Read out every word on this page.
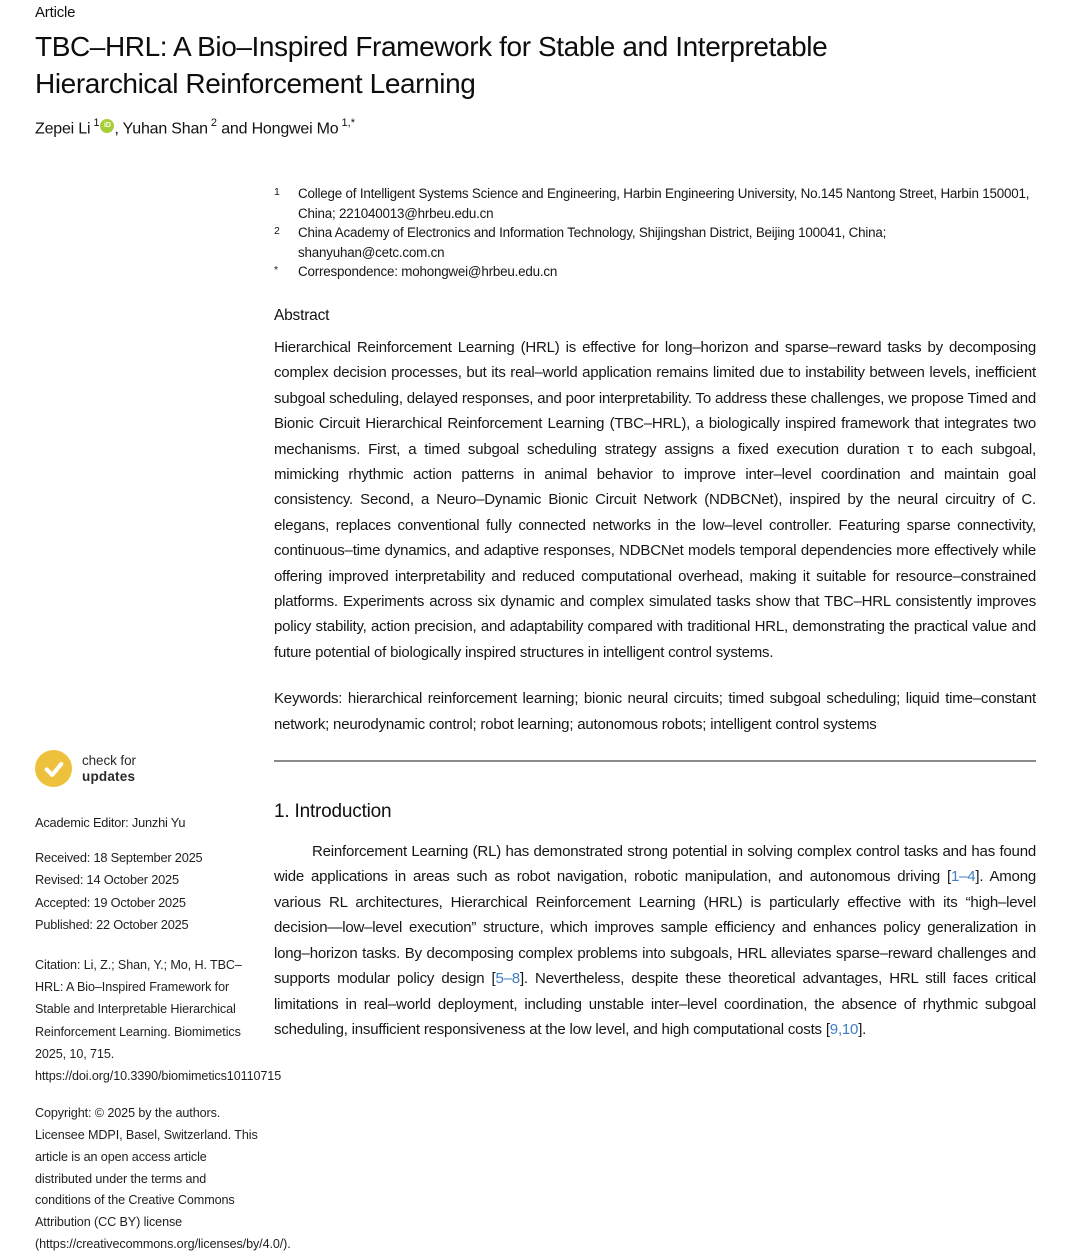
Article
TBC–HRL: A Bio–Inspired Framework for Stable and Interpretable Hierarchical Reinforcement Learning
Zepei Li $^1$ iD , Yuhan Shan $^2$ and Hongwei Mo $^{1,*}$
check for
updates

Academic Editor: Junzhi Yu

Received: 18 September 2025
Revised: 14 October 2025
Accepted: 19 October 2025
Published: 22 October 2025

Citation: Li, Z.; Shan, Y.; Mo, H. TBC–HRL: A Bio–Inspired Framework for Stable and Interpretable Hierarchical Reinforcement Learning. Biomimetics 2025, 10, 715. https://doi.org/10.3390/biomimetics10110715

Copyright: © 2025 by the authors. Licensee MDPI, Basel, Switzerland. This article is an open access article distributed under the terms and conditions of the Creative Commons Attribution (CC BY) license (https://creativecommons.org/licenses/by/4.0/).

1	College of Intelligent Systems Science and Engineering, Harbin Engineering University, No.145 Nantong Street, Harbin 150001, China; 221040013@hrbeu.edu.cn
2	China Academy of Electronics and Information Technology, Shijingshan District, Beijing 100041, China; shanyuhan@cetc.com.cn
*	Correspondence: mohongwei@hrbeu.edu.cn
Abstract

Hierarchical Reinforcement Learning (HRL) is effective for long–horizon and sparse–reward tasks by decomposing complex decision processes, but its real–world application remains limited due to instability between levels, inefficient subgoal scheduling, delayed responses, and poor interpretability. To address these challenges, we propose Timed and Bionic Circuit Hierarchical Reinforcement Learning (TBC–HRL), a biologically inspired framework that integrates two mechanisms. First, a timed subgoal scheduling strategy assigns a fixed execution duration τ to each subgoal, mimicking rhythmic action patterns in animal behavior to improve inter–level coordination and maintain goal consistency. Second, a Neuro–Dynamic Bionic Circuit Network (NDBCNet), inspired by the neural circuitry of C. elegans, replaces conventional fully connected networks in the low–level controller. Featuring sparse connectivity, continuous–time dynamics, and adaptive responses, NDBCNet models temporal dependencies more effectively while offering improved interpretability and reduced computational overhead, making it suitable for resource–constrained platforms. Experiments across six dynamic and complex simulated tasks show that TBC–HRL consistently improves policy stability, action precision, and adaptability compared with traditional HRL, demonstrating the practical value and future potential of biologically inspired structures in intelligent control systems.

Keywords: hierarchical reinforcement learning; bionic neural circuits; timed subgoal scheduling; liquid time–constant network; neurodynamic control; robot learning; autonomous robots; intelligent control systems

1. Introduction

Reinforcement Learning (RL) has demonstrated strong potential in solving complex control tasks and has found wide applications in areas such as robot navigation, robotic manipulation, and autonomous driving [1–4]. Among various RL architectures, Hierarchical Reinforcement Learning (HRL) is particularly effective with its “high–level decision—low–level execution” structure, which improves sample efficiency and enhances policy generalization in long–horizon tasks. By decomposing complex problems into subgoals, HRL alleviates sparse–reward challenges and supports modular policy design [5–8]. Nevertheless, despite these theoretical advantages, HRL still faces critical limitations in real–world deployment, including unstable inter–level coordination, the absence of rhythmic subgoal scheduling, insufficient responsiveness at the low level, and high computational costs [9,10].
